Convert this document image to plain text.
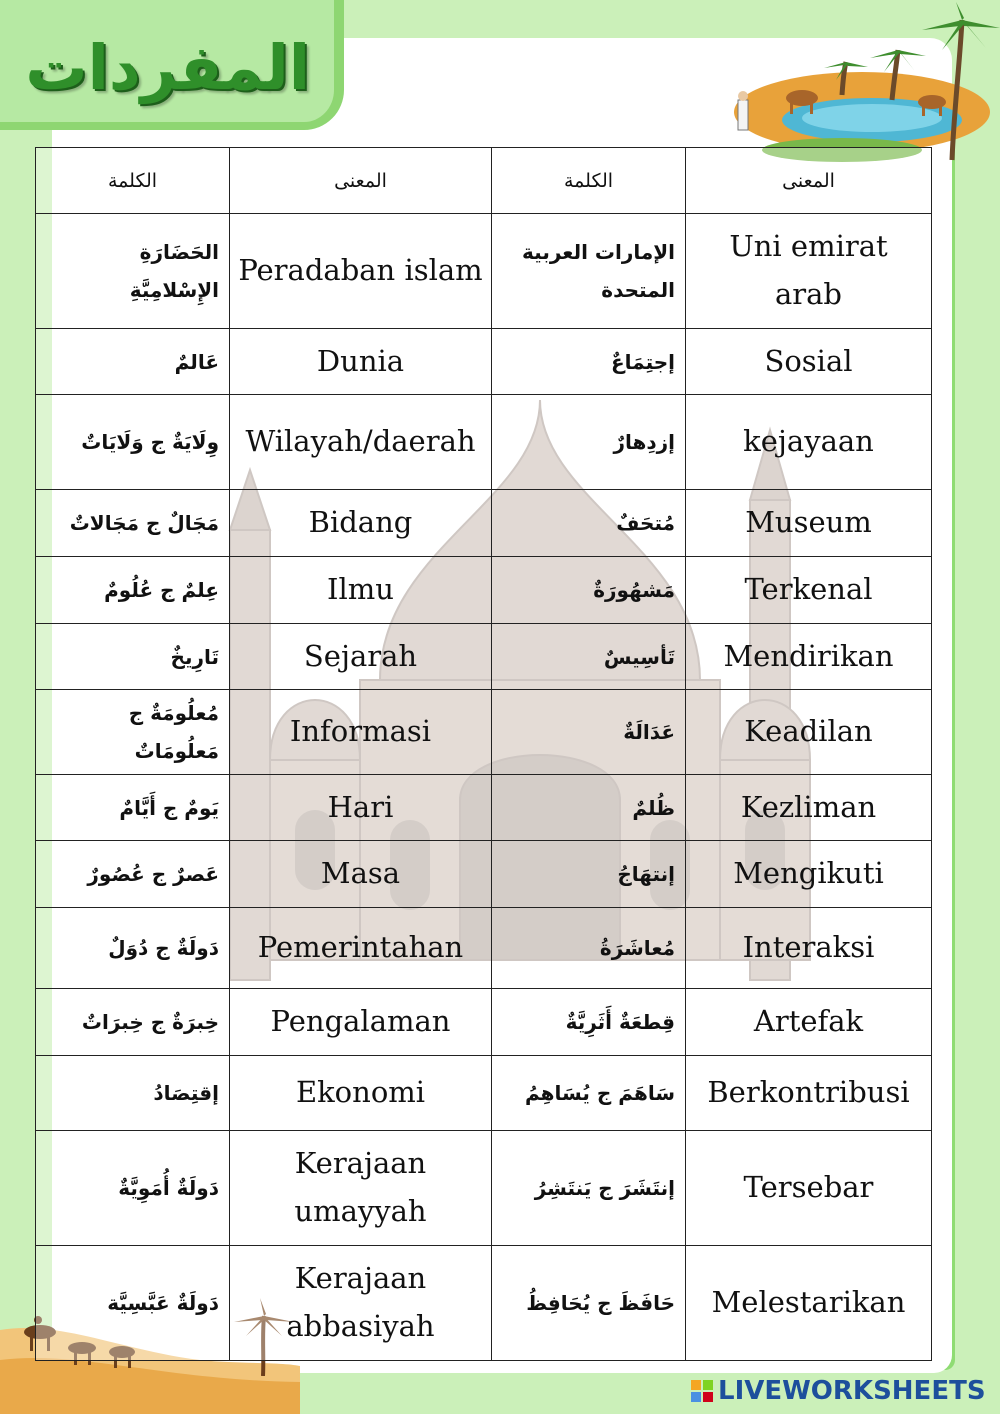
المفردات
الكلمة	المعنى	الكلمة	المعنى
الحَضَارَةِ الإِسْلامِيَّةِ	Peradaban islam	الإمارات العربية المتحدة	Uni emirat arab
عَالمٌ	Dunia	إجتِمَاعٌ	Sosial
وِلَايَةٌ ج وَلَايَاتٌ	Wilayah/daerah	إزدِهارٌ	kejayaan
مَجَالٌ ج مَجَالاتٌ	Bidang	مُتحَفٌ	Museum
عِلمٌ ج عُلُومٌ	Ilmu	مَشهُورَةٌ	Terkenal
تَارِيخٌ	Sejarah	تَأسِيسٌ	Mendirikan
مُعلُومَةٌ ج مَعلُومَاتٌ	Informasi	عَدَالَةٌ	Keadilan
يَومٌ ج أَيَّامٌ	Hari	ظُلمٌ	Kezliman
عَصرٌ ج عُصُورٌ	Masa	إنتهَاجُ	Mengikuti
دَولَةٌ ج دُوَلٌ	Pemerintahan	مُعاشَرَةُ	Interaksi
خِبرَةٌ ج خِبرَاتٌ	Pengalaman	قِطعَةٌ أَثَرِيَّةٌ	Artefak
إقتِصَادُ	Ekonomi	سَاهَمَ ج يُسَاهِمُ	Berkontribusi
دَولَةٌ أُمَوِيَّةٌ	Kerajaan umayyah	إنتَشَرَ ج يَنتَشِرُ	Tersebar
دَولَةٌ عَبَّسِيَّة	Kerajaan abbasiyah	حَافَظَ ج يُحَافِظُ	Melestarikan
LIVEWORKSHEETS
